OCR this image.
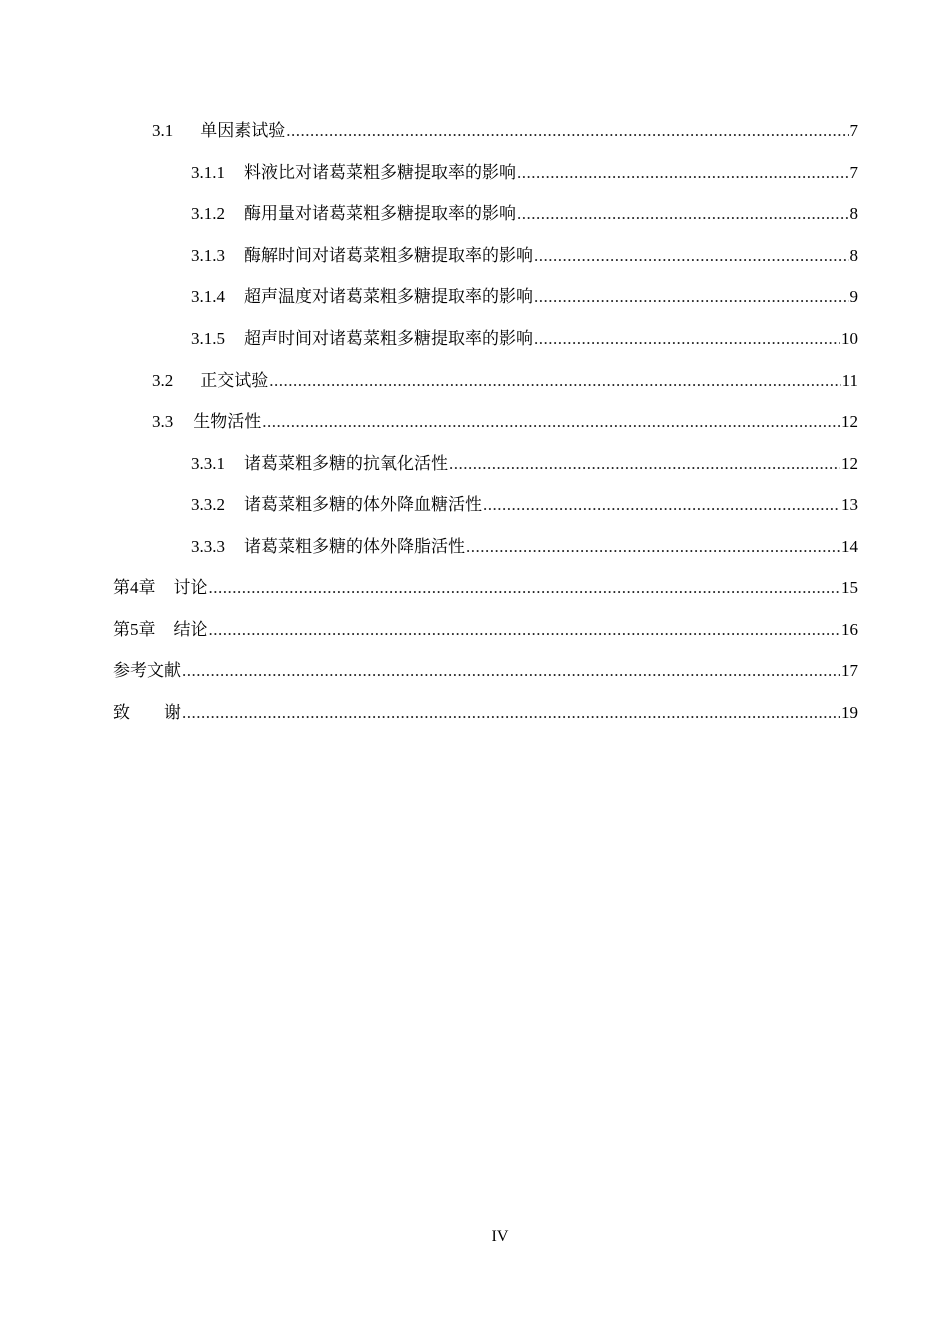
3.1 单因素试验 .....	7
3.1.1 料液比对诸葛菜粗多糖提取率的影响 .....	7
3.1.2 酶用量对诸葛菜粗多糖提取率的影响 .....	8
3.1.3 酶解时间对诸葛菜粗多糖提取率的影响 .....	8
3.1.4 超声温度对诸葛菜粗多糖提取率的影响 .....	9
3.1.5 超声时间对诸葛菜粗多糖提取率的影响 .....	10
3.2 正交试验 .....	11
3.3 生物活性 .....	12
3.3.1 诸葛菜粗多糖的抗氧化活性 .....	12
3.3.2 诸葛菜粗多糖的体外降血糖活性 .....	13
3.3.3 诸葛菜粗多糖的体外降脂活性 .....	14
第4章 讨论 .....	15
第5章 结论 .....	16
参考文献 .....	17
致　　谢 .....	19
IV
